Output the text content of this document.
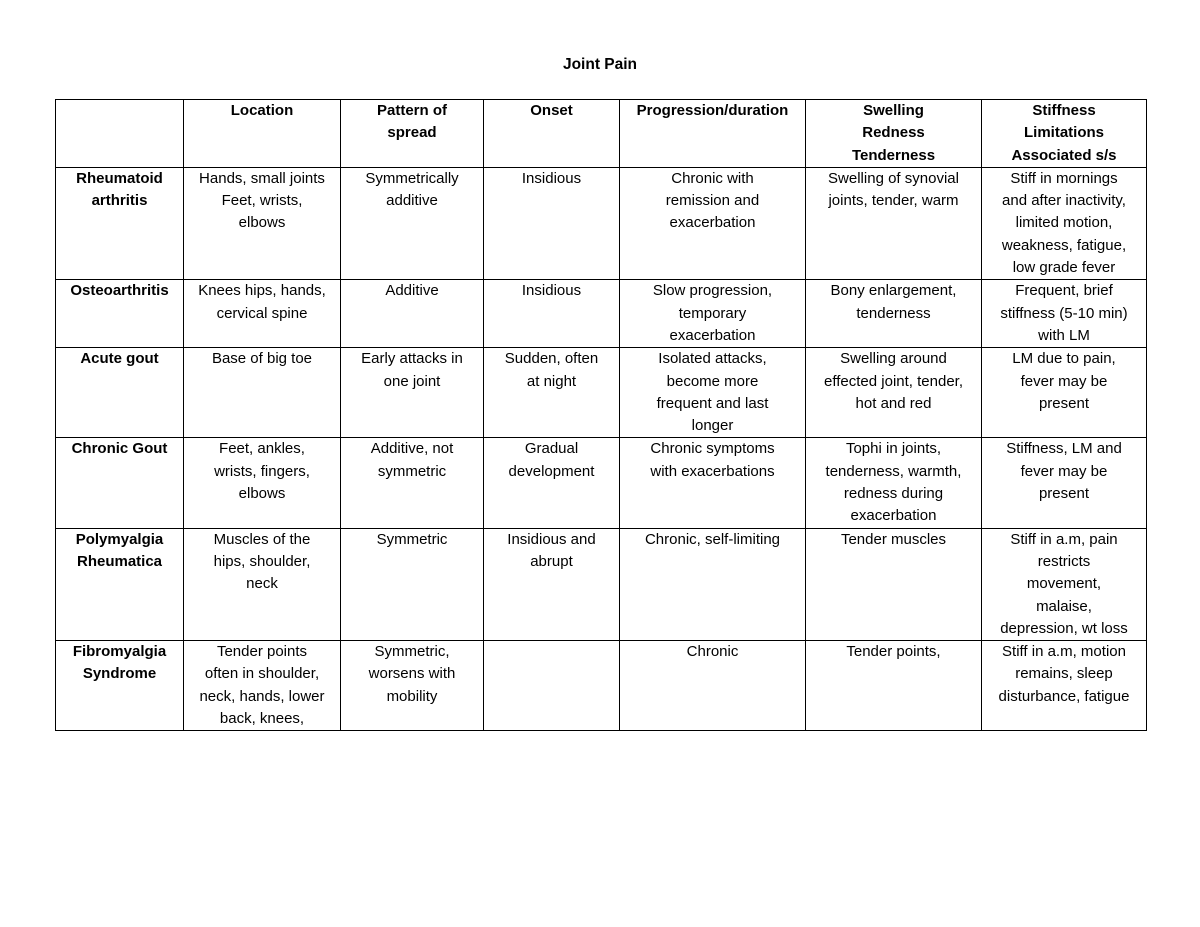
Joint Pain
	Location	Pattern of
spread	Onset	Progression/duration	Swelling
Redness
Tenderness	Stiffness
Limitations
Associated s/s
Rheumatoid
arthritis	Hands, small joints
Feet, wrists,
elbows	Symmetrically
additive	Insidious	Chronic with
remission and
exacerbation	Swelling of synovial
joints, tender, warm	Stiff in mornings
and after inactivity,
limited motion,
weakness, fatigue,
low grade fever
Osteoarthritis	Knees hips, hands,
cervical spine	Additive	Insidious	Slow progression,
temporary
exacerbation	Bony enlargement,
tenderness	Frequent, brief
stiffness (5-10 min)
with LM
Acute gout	Base of big toe	Early attacks in
one joint	Sudden, often
at night	Isolated attacks,
become more
frequent and last
longer	Swelling around
effected joint, tender,
hot and red	LM due to pain,
fever may be
present
Chronic Gout	Feet, ankles,
wrists, fingers,
elbows	Additive, not
symmetric	Gradual
development	Chronic symptoms
with exacerbations	Tophi in joints,
tenderness, warmth,
redness during
exacerbation	Stiffness, LM and
fever may be
present
Polymyalgia
Rheumatica	Muscles of the
hips, shoulder,
neck	Symmetric	Insidious and
abrupt	Chronic, self-limiting	Tender muscles	Stiff in a.m, pain
restricts
movement,
malaise,
depression, wt loss
Fibromyalgia
Syndrome	Tender points
often in shoulder,
neck, hands, lower
back, knees,	Symmetric,
worsens with
mobility		Chronic	Tender points,	Stiff in a.m, motion
remains, sleep
disturbance, fatigue
